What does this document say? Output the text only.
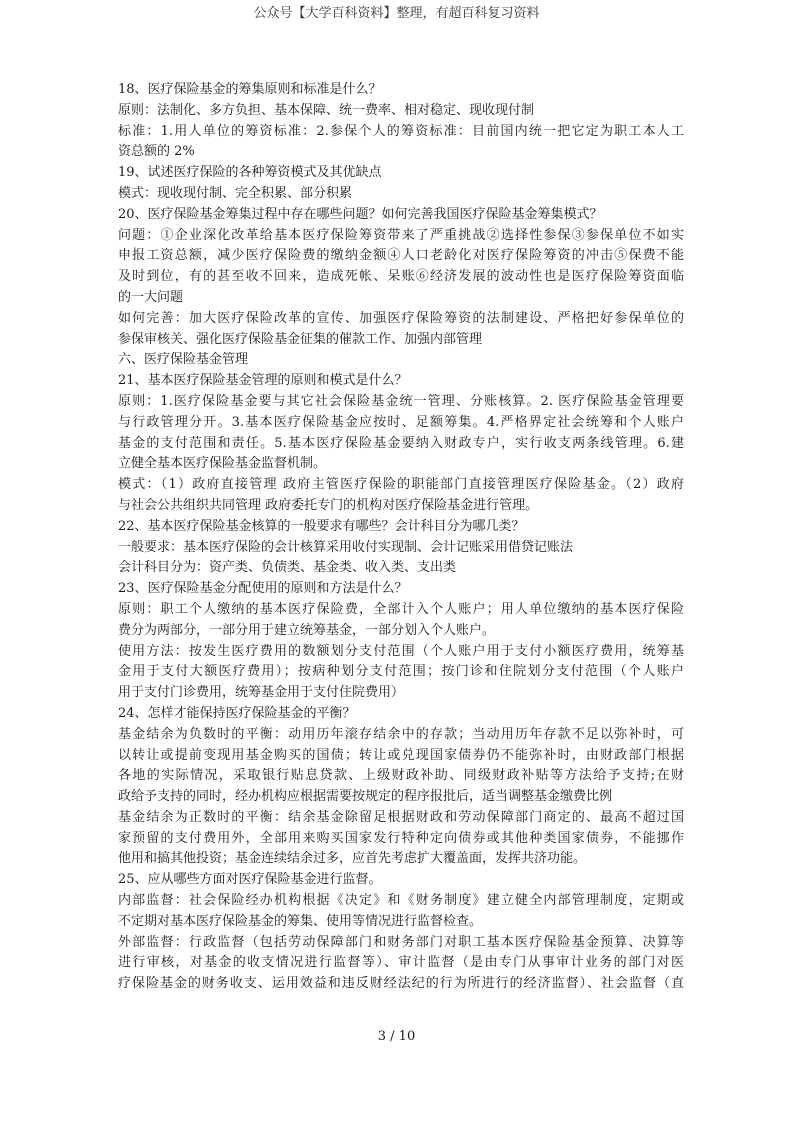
公众号【大学百科资料】整理，有超百科复习资料
18、医疗保险基金的筹集原则和标准是什么？
原则：法制化、多方负担、基本保障、统一费率、相对稳定、现收现付制
标准：1.用人单位的筹资标准：2.参保个人的筹资标准：目前国内统一把它定为职工本人工
资总额的 2%
19、试述医疗保险的各种筹资模式及其优缺点
模式：现收现付制、完全积累、部分积累
20、医疗保险基金筹集过程中存在哪些问题？如何完善我国医疗保险基金筹集模式？
问题：①企业深化改革给基本医疗保险筹资带来了严重挑战②选择性参保③参保单位不如实
申报工资总额，减少医疗保险费的缴纳金额④人口老龄化对医疗保险筹资的冲击⑤保费不能
及时到位，有的甚至收不回来，造成死帐、呆账⑥经济发展的波动性也是医疗保险筹资面临
的一大问题
如何完善：加大医疗保险改革的宣传、加强医疗保险筹资的法制建设、严格把好参保单位的
参保审核关、强化医疗保险基金征集的催款工作、加强内部管理
六、医疗保险基金管理
21、基本医疗保险基金管理的原则和模式是什么？
原则：1.医疗保险基金要与其它社会保险基金统一管理、分账核算。2. 医疗保险基金管理要
与行政管理分开。3.基本医疗保险基金应按时、足额筹集。4.严格界定社会统筹和个人账户
基金的支付范围和责任。5.基本医疗保险基金要纳入财政专户，实行收支两条线管理。6.建
立健全基本医疗保险基金监督机制。
模式：（1）政府直接管理 政府主管医疗保险的职能部门直接管理医疗保险基金。（2）政府
与社会公共组织共同管理 政府委托专门的机构对医疗保险基金进行管理。
22、基本医疗保险基金核算的一般要求有哪些？会计科目分为哪几类？
一般要求：基本医疗保险的会计核算采用收付实现制、会计记账采用借贷记账法
会计科目分为：资产类、负债类、基金类、收入类、支出类
23、医疗保险基金分配使用的原则和方法是什么？
原则：职工个人缴纳的基本医疗保险费，全部计入个人账户；用人单位缴纳的基本医疗保险
费分为两部分，一部分用于建立统筹基金，一部分划入个人账户。
使用方法：按发生医疗费用的数额划分支付范围（个人账户用于支付小额医疗费用，统筹基
金用于支付大额医疗费用）；按病种划分支付范围；按门诊和住院划分支付范围（个人账户
用于支付门诊费用，统筹基金用于支付住院费用）
24、怎样才能保持医疗保险基金的平衡？
基金结余为负数时的平衡：动用历年滚存结余中的存款；当动用历年存款不足以弥补时，可
以转让或提前变现用基金购买的国债；转让或兑现国家债券仍不能弥补时，由财政部门根据
各地的实际情况，采取银行贴息贷款、上级财政补助、同级财政补贴等方法给予支持;在财
政给予支持的同时，经办机构应根据需要按规定的程序报批后，适当调整基金缴费比例
基金结余为正数时的平衡：结余基金除留足根据财政和劳动保障部门商定的、最高不超过国
家预留的支付费用外，全部用来购买国家发行特种定向债券或其他种类国家债券，不能挪作
他用和搞其他投资；基金连续结余过多，应首先考虑扩大覆盖面，发挥共济功能。
25、应从哪些方面对医疗保险基金进行监督。
内部监督：社会保险经办机构根据《决定》和《财务制度》建立健全内部管理制度，定期或
不定期对基本医疗保险基金的筹集、使用等情况进行监督检查。
外部监督：行政监督（包括劳动保障部门和财务部门对职工基本医疗保险基金预算、决算等
进行审核，对基金的收支情况进行监督等）、审计监督（是由专门从事审计业务的部门对医
疗保险基金的财务收支、运用效益和违反财经法纪的行为所进行的经济监督）、社会监督（直
3 / 10
